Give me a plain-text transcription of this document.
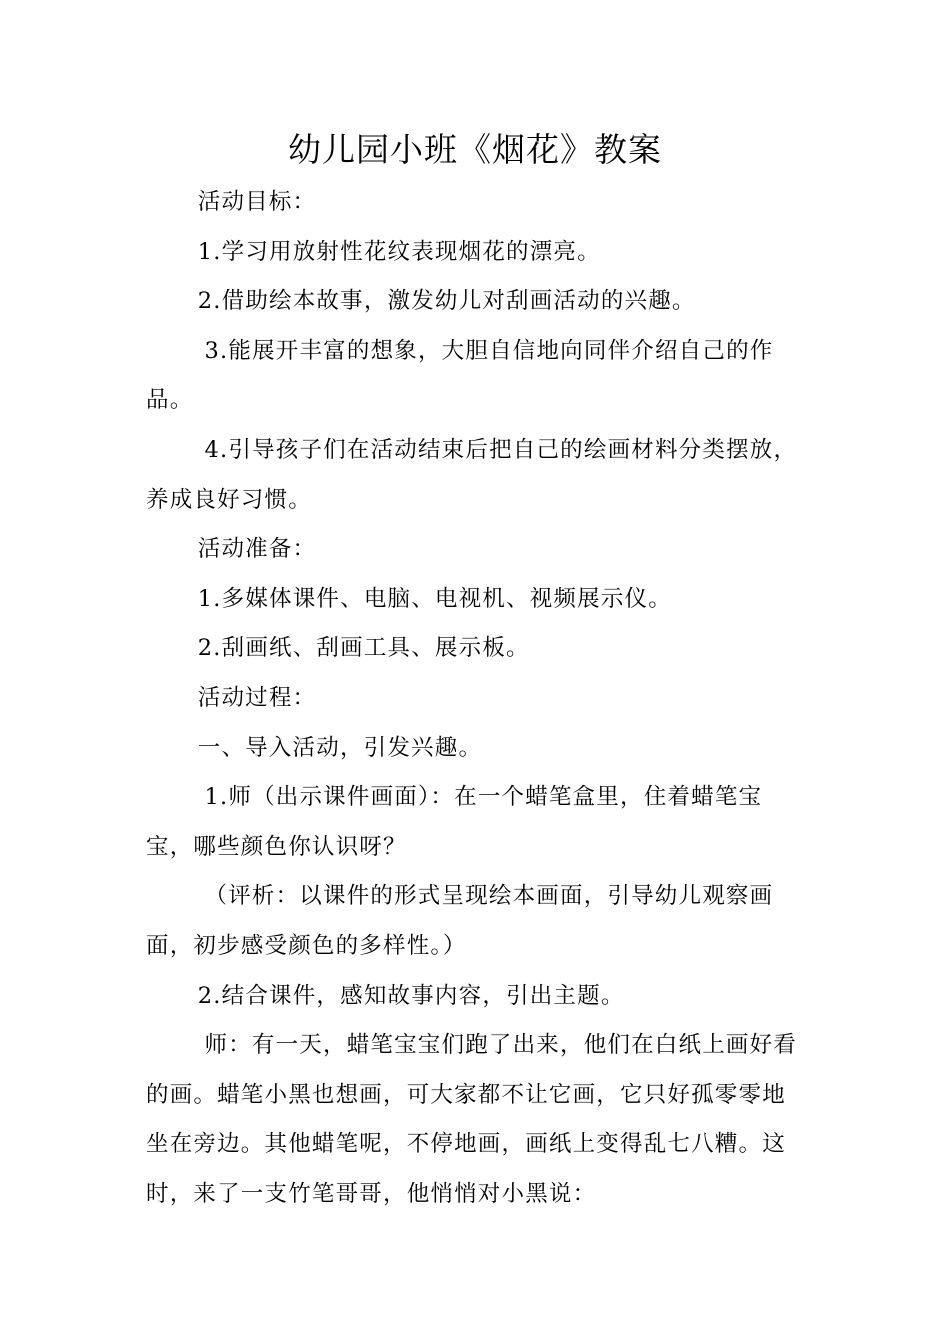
幼儿园小班《烟花》教案

活动目标：

1.学习用放射性花纹表现烟花的漂亮。

2.借助绘本故事，激发幼儿对刮画活动的兴趣。

3.能展开丰富的想象，大胆自信地向同伴介绍自己的作品。

4.引导孩子们在活动结束后把自己的绘画材料分类摆放，养成良好习惯。

活动准备：

1.多媒体课件、电脑、电视机、视频展示仪。

2.刮画纸、刮画工具、展示板。

活动过程：

一、导入活动，引发兴趣。

1.师（出示课件画面）：在一个蜡笔盒里，住着蜡笔宝宝，哪些颜色你认识呀？

（评析：以课件的形式呈现绘本画面，引导幼儿观察画面，初步感受颜色的多样性。）

2.结合课件，感知故事内容，引出主题。

师：有一天，蜡笔宝宝们跑了出来，他们在白纸上画好看的画。蜡笔小黑也想画，可大家都不让它画，它只好孤零零地坐在旁边。其他蜡笔呢，不停地画，画纸上变得乱七八糟。这时，来了一支竹笔哥哥，他悄悄对小黑说：
